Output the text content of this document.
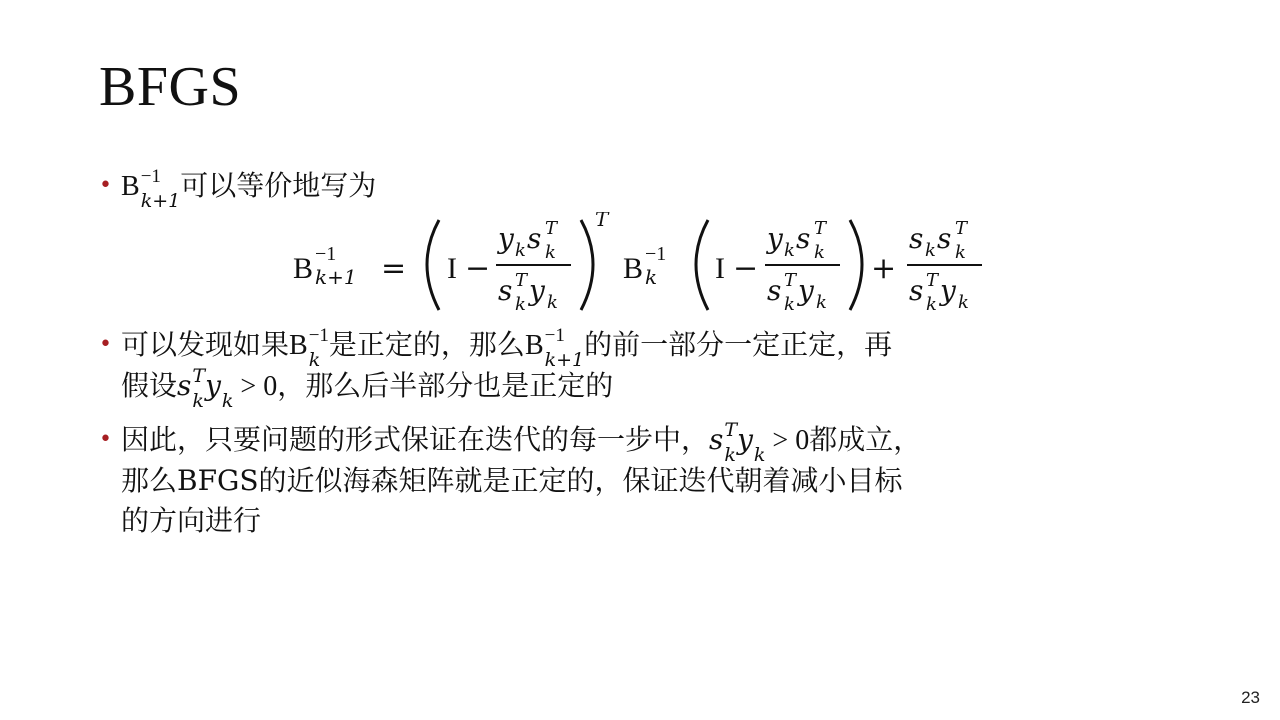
BFGS
• B −1
k+1 可以等价地写为
B −1
k+1 = I −
y k s T
k
s T
k y k
T
B −1
k I −
y k s T
k
s T
k y k
+
s k s T
k
s T
k y k
• 可以发现如果B −1
k 是正定的，那么B −1
k+1 的前一部分一定正定，再
假设s T
k y
k > 0，那么后半部分也是正定的
• 因此，只要问题的形式保证在迭代的每一步中，s T
k y
k > 0都成立，
那么BFGS的近似海森矩阵就是正定的，保证迭代朝着减小目标
的方向进行
23
